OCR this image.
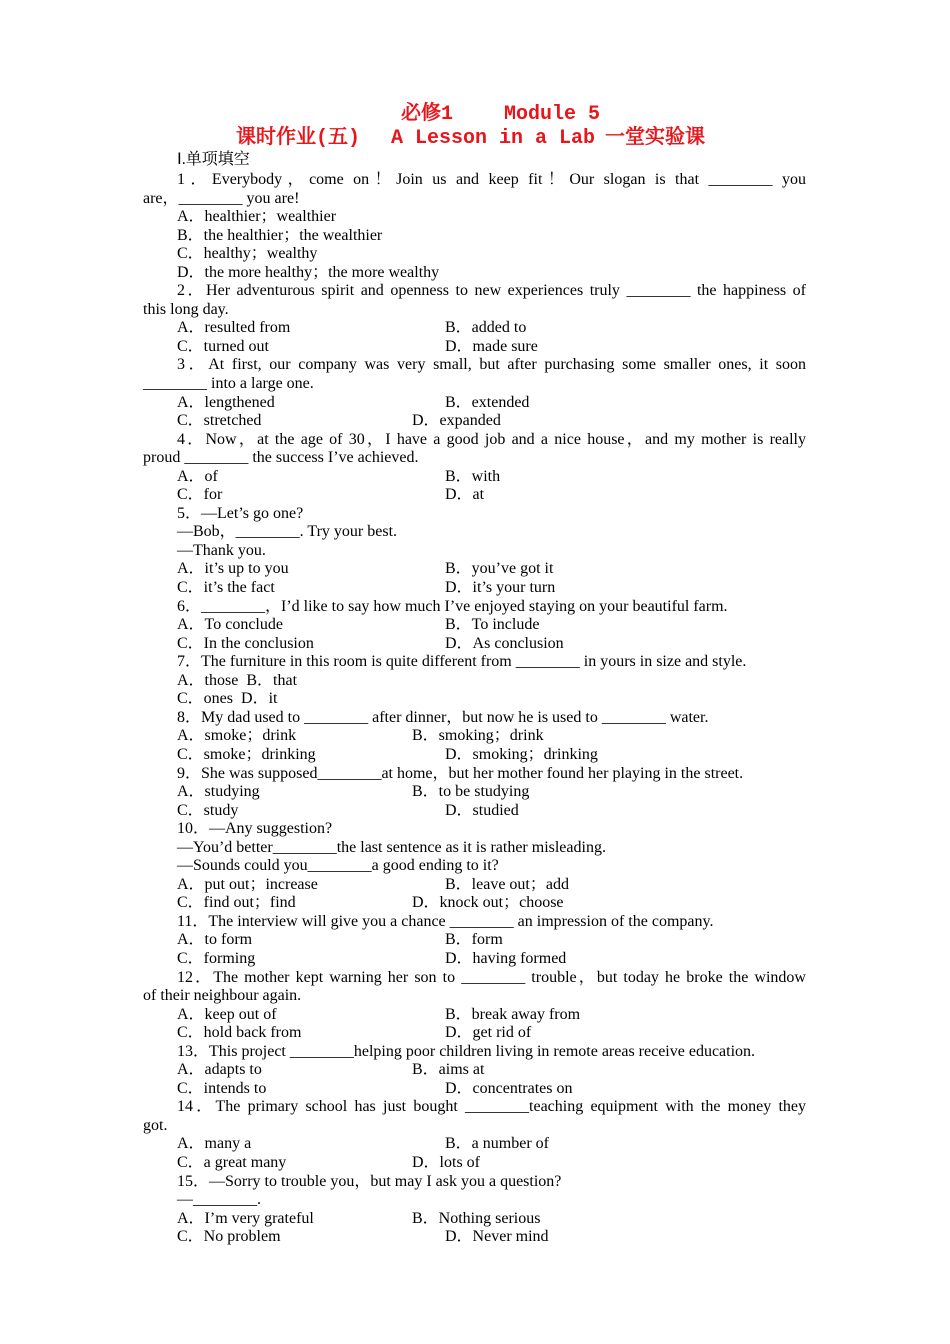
必修1	Module 5
课时作业(五) A Lesson in a Lab 一堂实验课
Ⅰ.单项填空
1．Everybody，come on！Join us and keep fit！Our slogan is that ________ you
are，________ you are!
A．healthier；wealthier
B．the healthier；the wealthier
C．healthy；wealthy
D．the more healthy；the more wealthy
2．Her adventurous spirit and openness to new experiences truly ________ the happiness of
this long day.
A．resulted from	B．added to
C．turned out	D．made sure
3．At first, our company was very small, but after purchasing some smaller ones, it soon
________ into a large one.
A．lengthened	B．extended
C．stretched	D．expanded
4．Now，at the age of 30，I have a good job and a nice house，and my mother is really
proud ________ the success I’ve achieved.
A．of	B．with
C．for	D．at
5．—Let’s go one?
—Bob，________. Try your best.
—Thank you.
A．it’s up to you	B．you’ve got it
C．it’s the fact	D．it’s your turn
6．________，I’d like to say how much I’ve enjoyed staying on your beautiful farm.
A．To conclude	B．To include
C．In the conclusion	D．As conclusion
7．The furniture in this room is quite different from ________ in yours in size and style.
A．those B．that
C．ones D．it
8．My dad used to ________ after dinner，but now he is used to ________ water.
A．smoke；drink	B．smoking；drink
C．smoke；drinking	D．smoking；drinking
9．She was supposed________at home，but her mother found her playing in the street.
A．studying	B．to be studying
C．study	D．studied
10．—Any suggestion?
—You’d better________the last sentence as it is rather misleading.
—Sounds could you________a good ending to it?
A．put out；increase	B．leave out；add
C．find out；find	D．knock out；choose
11．The interview will give you a chance ________ an impression of the company.
A．to form	B．form
C．forming	D．having formed
12．The mother kept warning her son to ________ trouble，but today he broke the window
of their neighbour again.
A．keep out of	B．break away from
C．hold back from	D．get rid of
13．This project ________helping poor children living in remote areas receive education.
A．adapts to	B．aims at
C．intends to	D．concentrates on
14．The primary school has just bought ________teaching equipment with the money they
got.
A．many a	B．a number of
C．a great many	D．lots of
15．—Sorry to trouble you，but may I ask you a question?
—________.
A．I’m very grateful	B．Nothing serious
C．No problem	D．Never mind
